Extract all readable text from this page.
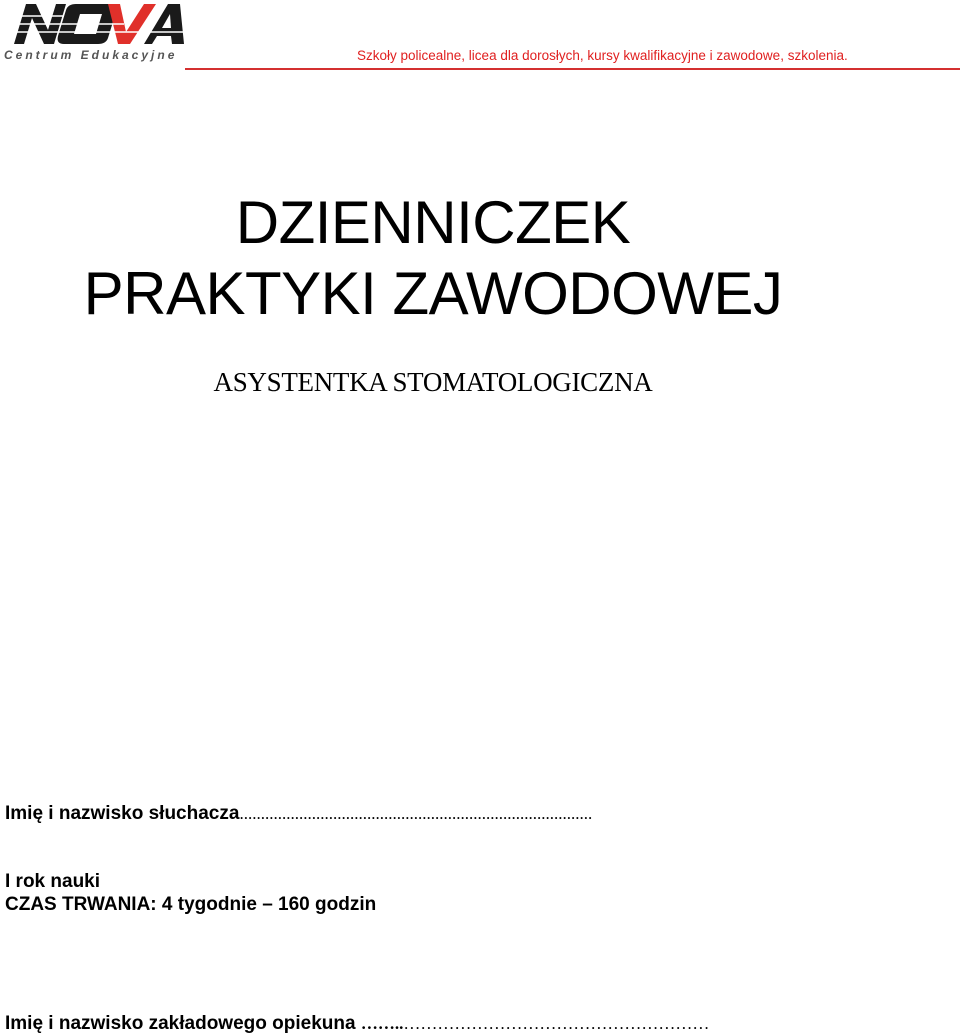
Centrum Edukacyjne	Szkoły policealne, licea dla dorosłych, kursy kwalifikacyjne i zawodowe, szkolenia.
DZIENNICZEK
PRAKTYKI ZAWODOWEJ
ASYSTENTKA STOMATOLOGICZNA
Imię i nazwisko słuchacza...................................................................................
I rok nauki
CZAS TRWANIA: 4 tygodnie – 160 godzin
Imię i nazwisko zakładowego opiekuna ……..………………………………………………
